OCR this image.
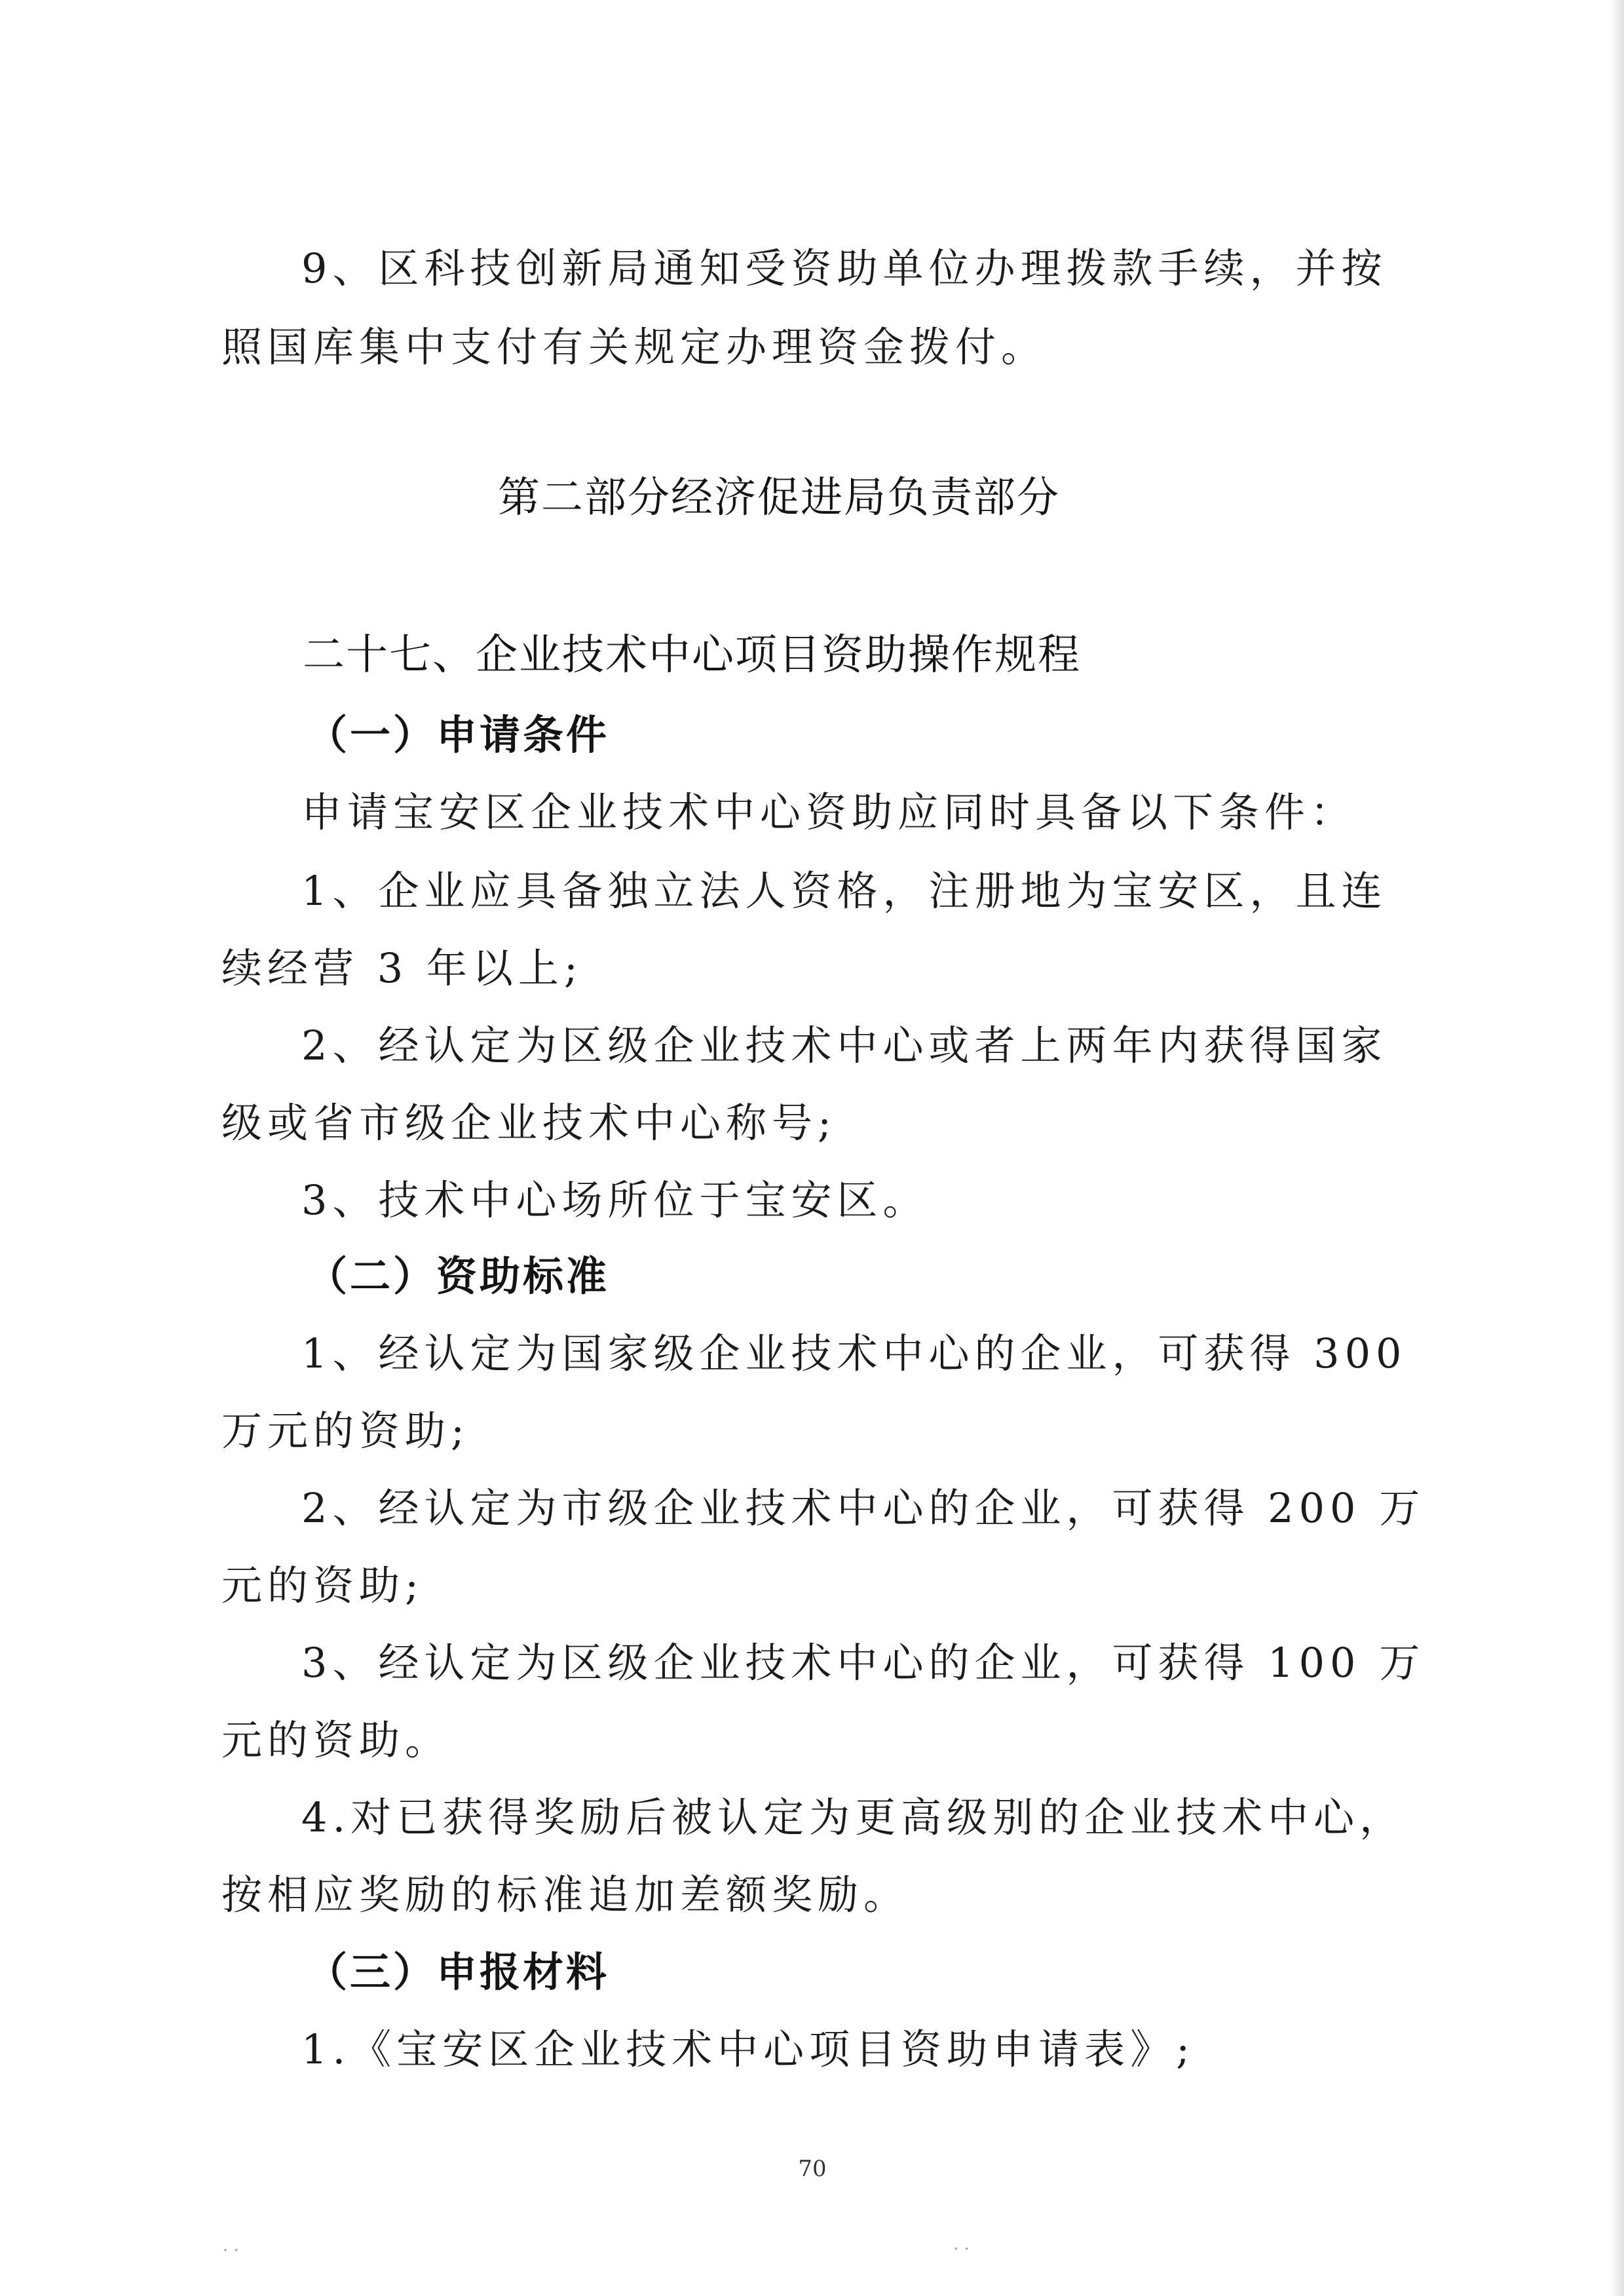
9、区科技创新局通知受资助单位办理拨款手续，并按
照国库集中支付有关规定办理资金拨付。
第二部分经济促进局负责部分
二十七、企业技术中心项目资助操作规程
（一）申请条件
申请宝安区企业技术中心资助应同时具备以下条件：
1、企业应具备独立法人资格，注册地为宝安区，且连
续经营 3 年以上;
2、经认定为区级企业技术中心或者上两年内获得国家
级或省市级企业技术中心称号;
3、技术中心场所位于宝安区。
（二）资助标准
1、经认定为国家级企业技术中心的企业，可获得 300
万元的资助;
2、经认定为市级企业技术中心的企业，可获得 200 万
元的资助;
3、经认定为区级企业技术中心的企业，可获得 100 万
元的资助。
4.对已获得奖励后被认定为更高级别的企业技术中心，
按相应奖励的标准追加差额奖励。
（三）申报材料
1.《宝安区企业技术中心项目资助申请表》;
70
· ·	· ·
